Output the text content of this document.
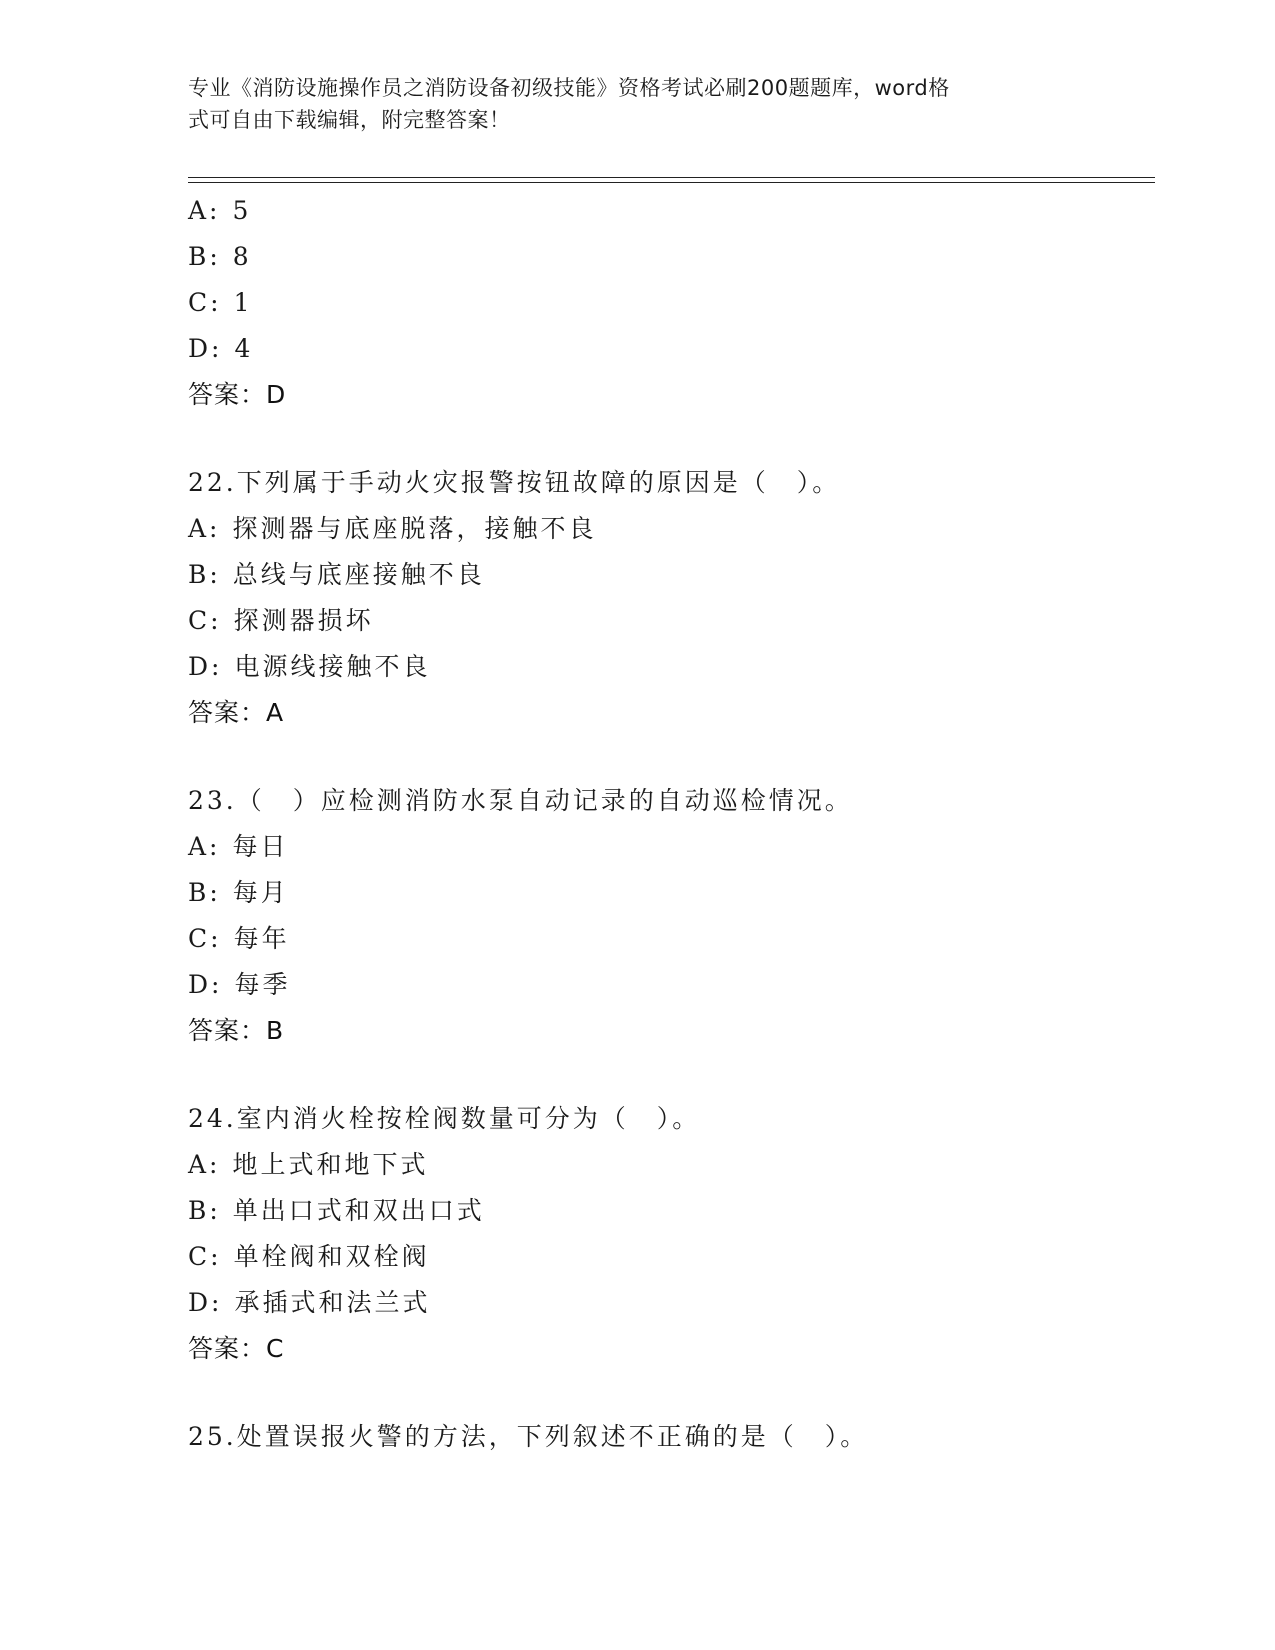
专业《消防设施操作员之消防设备初级技能》资格考试必刷200题题库，word格
式可自由下载编辑，附完整答案！
A: 5
B: 8
C: 1
D: 4
答案：D
22.下列属于手动火灾报警按钮故障的原因是（　）。
A: 探测器与底座脱落，接触不良
B: 总线与底座接触不良
C: 探测器损坏
D: 电源线接触不良
答案：A
23.（　）应检测消防水泵自动记录的自动巡检情况。
A: 每日
B: 每月
C: 每年
D: 每季
答案：B
24.室内消火栓按栓阀数量可分为（　）。
A: 地上式和地下式
B: 单出口式和双出口式
C: 单栓阀和双栓阀
D: 承插式和法兰式
答案：C
25.处置误报火警的方法，下列叙述不正确的是（　）。
